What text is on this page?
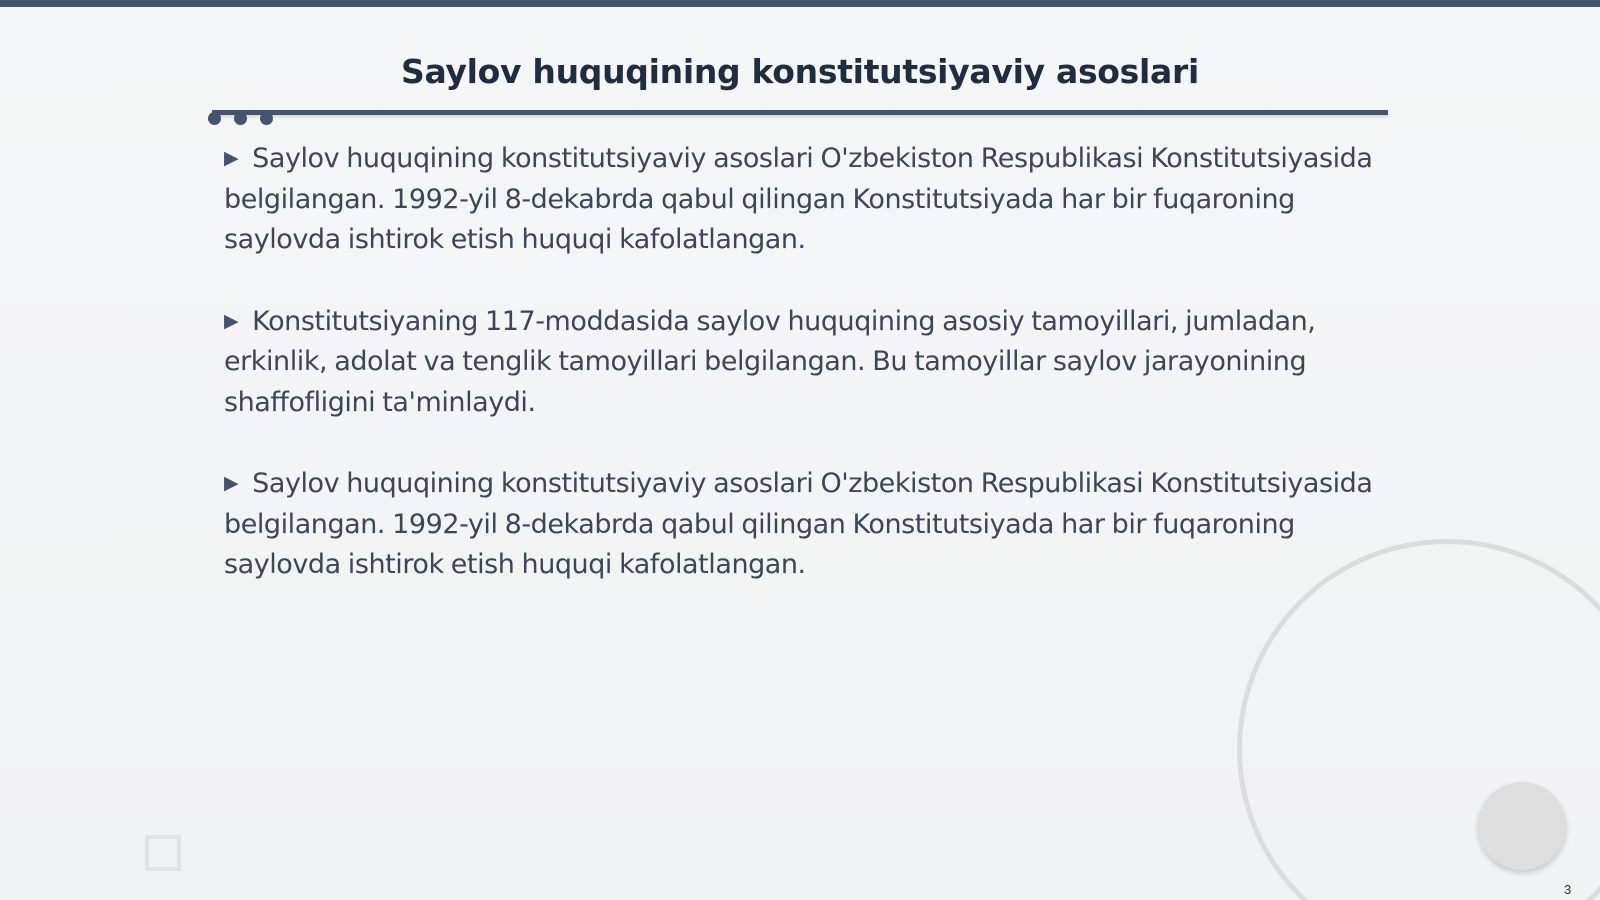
Saylov huquqining konstitutsiyaviy asoslari

▶ Saylov huquqining konstitutsiyaviy asoslari O'zbekiston Respublikasi Konstitutsiyasida belgilangan. 1992-yil 8-dekabrda qabul qilingan Konstitutsiyada har bir fuqaroning saylovda ishtirok etish huquqi kafolatlangan.

▶ Konstitutsiyaning 117-moddasida saylov huquqining asosiy tamoyillari, jumladan, erkinlik, adolat va tenglik tamoyillari belgilangan. Bu tamoyillar saylov jarayonining shaffofligini ta'minlaydi.

▶ Saylov huquqining konstitutsiyaviy asoslari O'zbekiston Respublikasi Konstitutsiyasida belgilangan. 1992-yil 8-dekabrda qabul qilingan Konstitutsiyada har bir fuqaroning saylovda ishtirok etish huquqi kafolatlangan.

3
